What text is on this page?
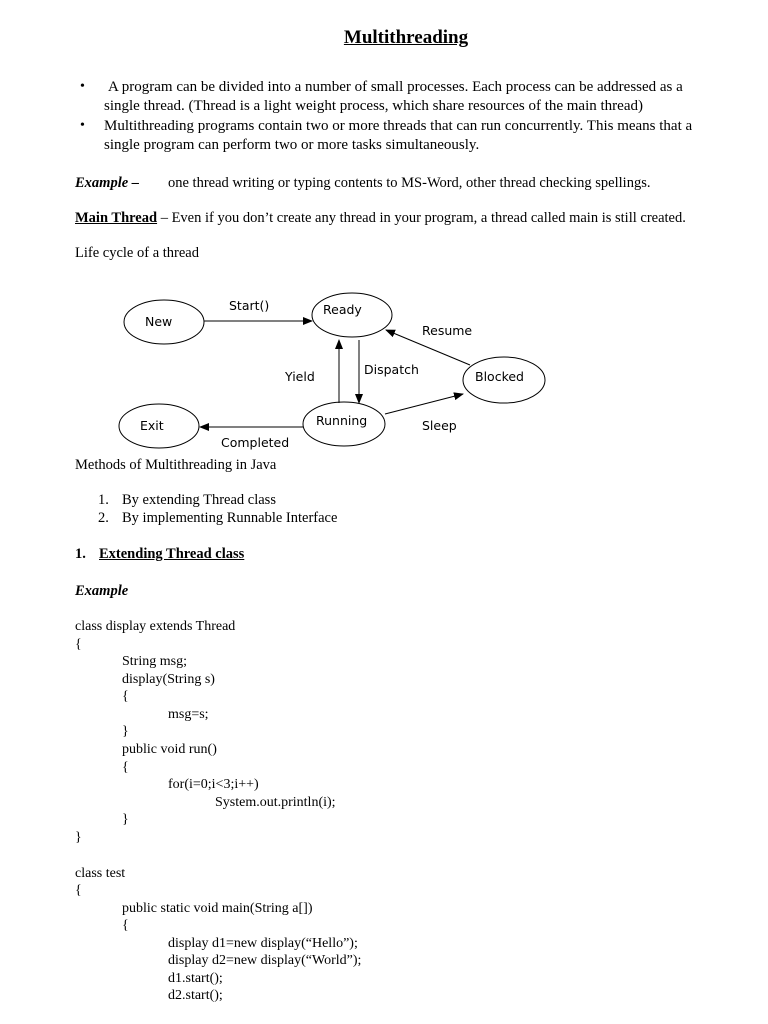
Multithreading
• A program can be divided into a number of small processes. Each process can be addressed as a
single thread. (Thread is a light weight process, which share resources of the main thread)
• Multithreading programs contain two or more threads that can run concurrently. This means that a
single program can perform two or more tasks simultaneously.
Example – one thread writing or typing contents to MS-Word, other thread checking spellings.
Main Thread – Even if you don’t create any thread in your program, a thread called main is still created.
Life cycle of a thread
New
Ready
Blocked
Running
Exit
Start()
Resume
Yield	Dispatch
Sleep
Completed
Methods of Multithreading in Java
1. By extending Thread class
2. By implementing Runnable Interface
1. Extending Thread class
Example
class display extends Thread
{
String msg;
display(String s)
{
msg=s;
}
public void run()
{
for(i=0;i<3;i++)
System.out.println(i);
}
}
class test
{
public static void main(String a[])
{
display d1=new display(“Hello”);
display d2=new display(“World”);
d1.start();
d2.start();
